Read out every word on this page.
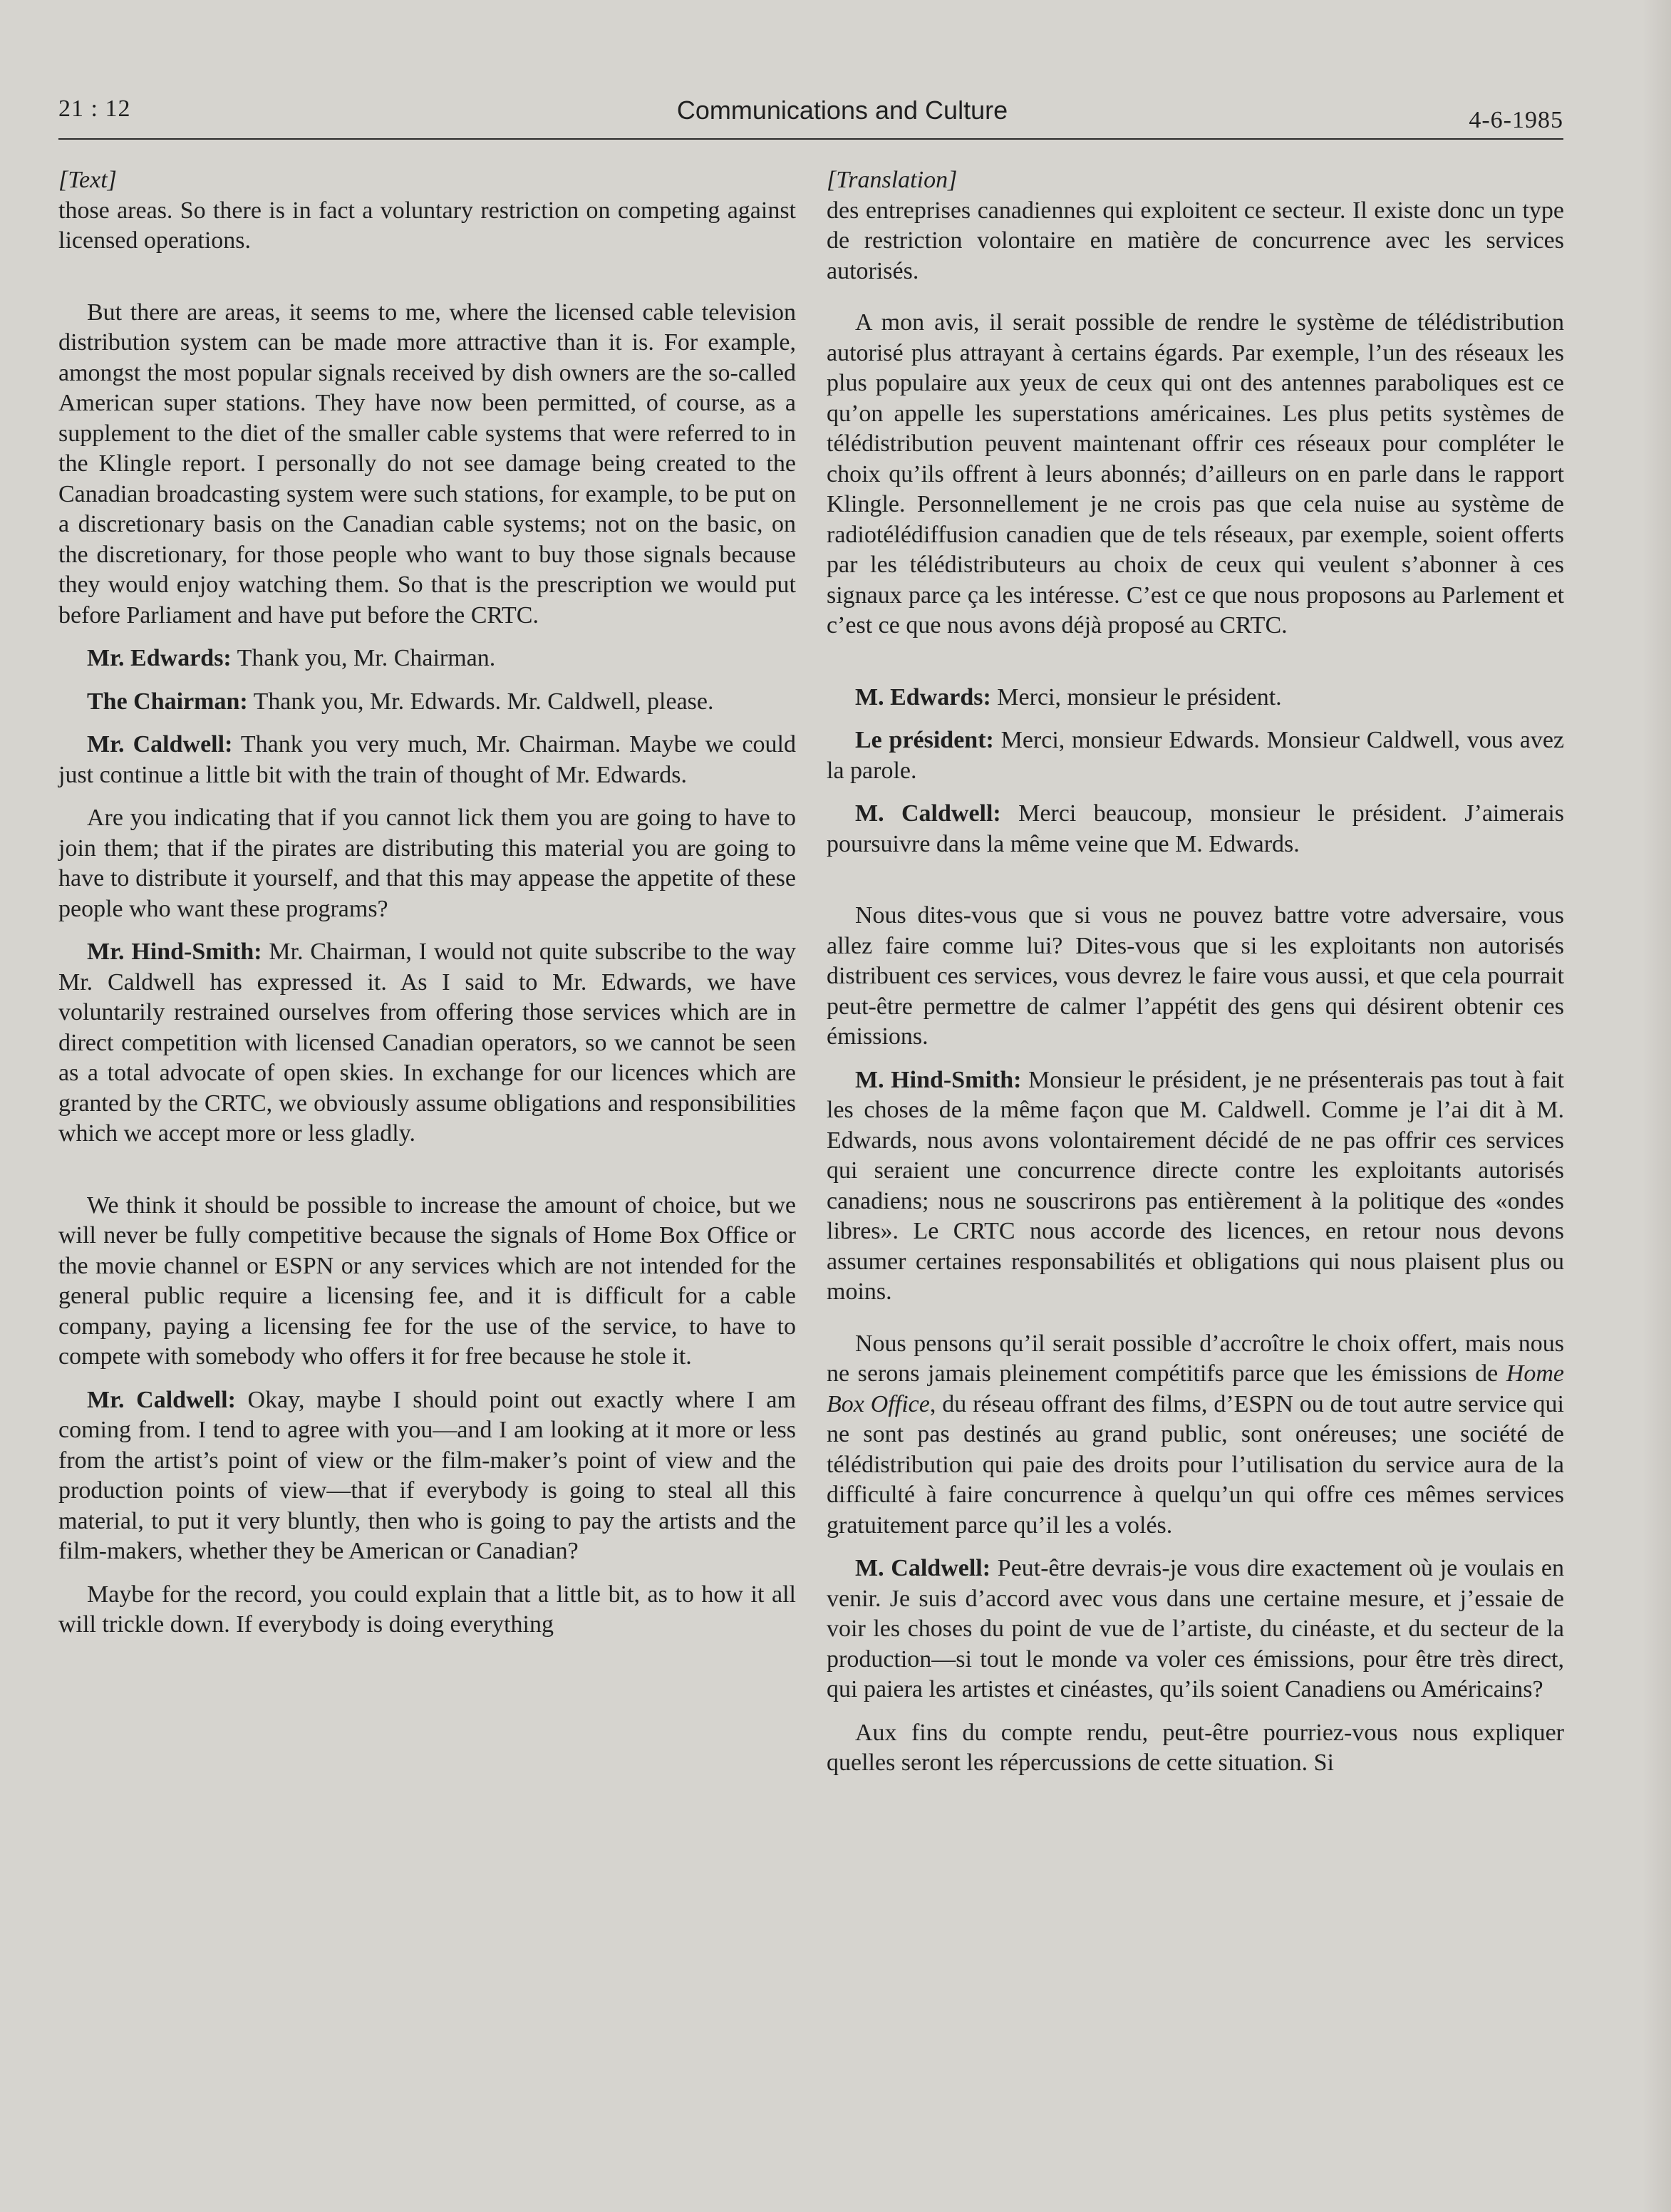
21 : 12	Communications and Culture	4-6-1985
[Text]

those areas. So there is in fact a voluntary restriction on competing against licensed operations.

But there are areas, it seems to me, where the licensed cable television distribution system can be made more attractive than it is. For example, amongst the most popular signals received by dish owners are the so-called American super stations. They have now been permitted, of course, as a supplement to the diet of the smaller cable systems that were referred to in the Klingle report. I personally do not see damage being created to the Canadian broadcasting system were such stations, for example, to be put on a discretionary basis on the Canadian cable systems; not on the basic, on the discretionary, for those people who want to buy those signals because they would enjoy watching them. So that is the prescription we would put before Parliament and have put before the CRTC.

Mr. Edwards: Thank you, Mr. Chairman.

The Chairman: Thank you, Mr. Edwards. Mr. Caldwell, please.

Mr. Caldwell: Thank you very much, Mr. Chairman. Maybe we could just continue a little bit with the train of thought of Mr. Edwards.

Are you indicating that if you cannot lick them you are going to have to join them; that if the pirates are distributing this material you are going to have to distribute it yourself, and that this may appease the appetite of these people who want these programs?

Mr. Hind-Smith: Mr. Chairman, I would not quite subscribe to the way Mr. Caldwell has expressed it. As I said to Mr. Edwards, we have voluntarily restrained ourselves from offering those services which are in direct competition with licensed Canadian operators, so we cannot be seen as a total advocate of open skies. In exchange for our licences which are granted by the CRTC, we obviously assume obligations and responsibilities which we accept more or less gladly.

We think it should be possible to increase the amount of choice, but we will never be fully competitive because the signals of Home Box Office or the movie channel or ESPN or any services which are not intended for the general public require a licensing fee, and it is difficult for a cable company, paying a licensing fee for the use of the service, to have to compete with somebody who offers it for free because he stole it.

Mr. Caldwell: Okay, maybe I should point out exactly where I am coming from. I tend to agree with you—and I am looking at it more or less from the artist’s point of view or the film-maker’s point of view and the production points of view—that if everybody is going to steal all this material, to put it very bluntly, then who is going to pay the artists and the film-makers, whether they be American or Canadian?

Maybe for the record, you could explain that a little bit, as to how it all will trickle down. If everybody is doing everything

[Translation]

des entreprises canadiennes qui exploitent ce secteur. Il existe donc un type de restriction volontaire en matière de concurrence avec les services autorisés.

A mon avis, il serait possible de rendre le système de télédistribution autorisé plus attrayant à certains égards. Par exemple, l’un des réseaux les plus populaire aux yeux de ceux qui ont des antennes paraboliques est ce qu’on appelle les superstations américaines. Les plus petits systèmes de télédistribution peuvent maintenant offrir ces réseaux pour compléter le choix qu’ils offrent à leurs abonnés; d’ailleurs on en parle dans le rapport Klingle. Personnellement je ne crois pas que cela nuise au système de radiotélédiffusion canadien que de tels réseaux, par exemple, soient offerts par les télédistributeurs au choix de ceux qui veulent s’abonner à ces signaux parce ça les intéresse. C’est ce que nous proposons au Parlement et c’est ce que nous avons déjà proposé au CRTC.

M. Edwards: Merci, monsieur le président.

Le président: Merci, monsieur Edwards. Monsieur Caldwell, vous avez la parole.

M. Caldwell: Merci beaucoup, monsieur le président. J’aimerais poursuivre dans la même veine que M. Edwards.

Nous dites-vous que si vous ne pouvez battre votre adversaire, vous allez faire comme lui? Dites-vous que si les exploitants non autorisés distribuent ces services, vous devrez le faire vous aussi, et que cela pourrait peut-être permettre de calmer l’appétit des gens qui désirent obtenir ces émissions.

M. Hind-Smith: Monsieur le président, je ne présenterais pas tout à fait les choses de la même façon que M. Caldwell. Comme je l’ai dit à M. Edwards, nous avons volontairement décidé de ne pas offrir ces services qui seraient une concurrence directe contre les exploitants autorisés canadiens; nous ne souscrirons pas entièrement à la politique des «ondes libres». Le CRTC nous accorde des licences, en retour nous devons assumer certaines responsabilités et obligations qui nous plaisent plus ou moins.

Nous pensons qu’il serait possible d’accroître le choix offert, mais nous ne serons jamais pleinement compétitifs parce que les émissions de Home Box Office, du réseau offrant des films, d’ESPN ou de tout autre service qui ne sont pas destinés au grand public, sont onéreuses; une société de télédistribution qui paie des droits pour l’utilisation du service aura de la difficulté à faire concurrence à quelqu’un qui offre ces mêmes services gratuitement parce qu’il les a volés.

M. Caldwell: Peut-être devrais-je vous dire exactement où je voulais en venir. Je suis d’accord avec vous dans une certaine mesure, et j’essaie de voir les choses du point de vue de l’artiste, du cinéaste, et du secteur de la production—si tout le monde va voler ces émissions, pour être très direct, qui paiera les artistes et cinéastes, qu’ils soient Canadiens ou Américains?

Aux fins du compte rendu, peut-être pourriez-vous nous expliquer quelles seront les répercussions de cette situation. Si
